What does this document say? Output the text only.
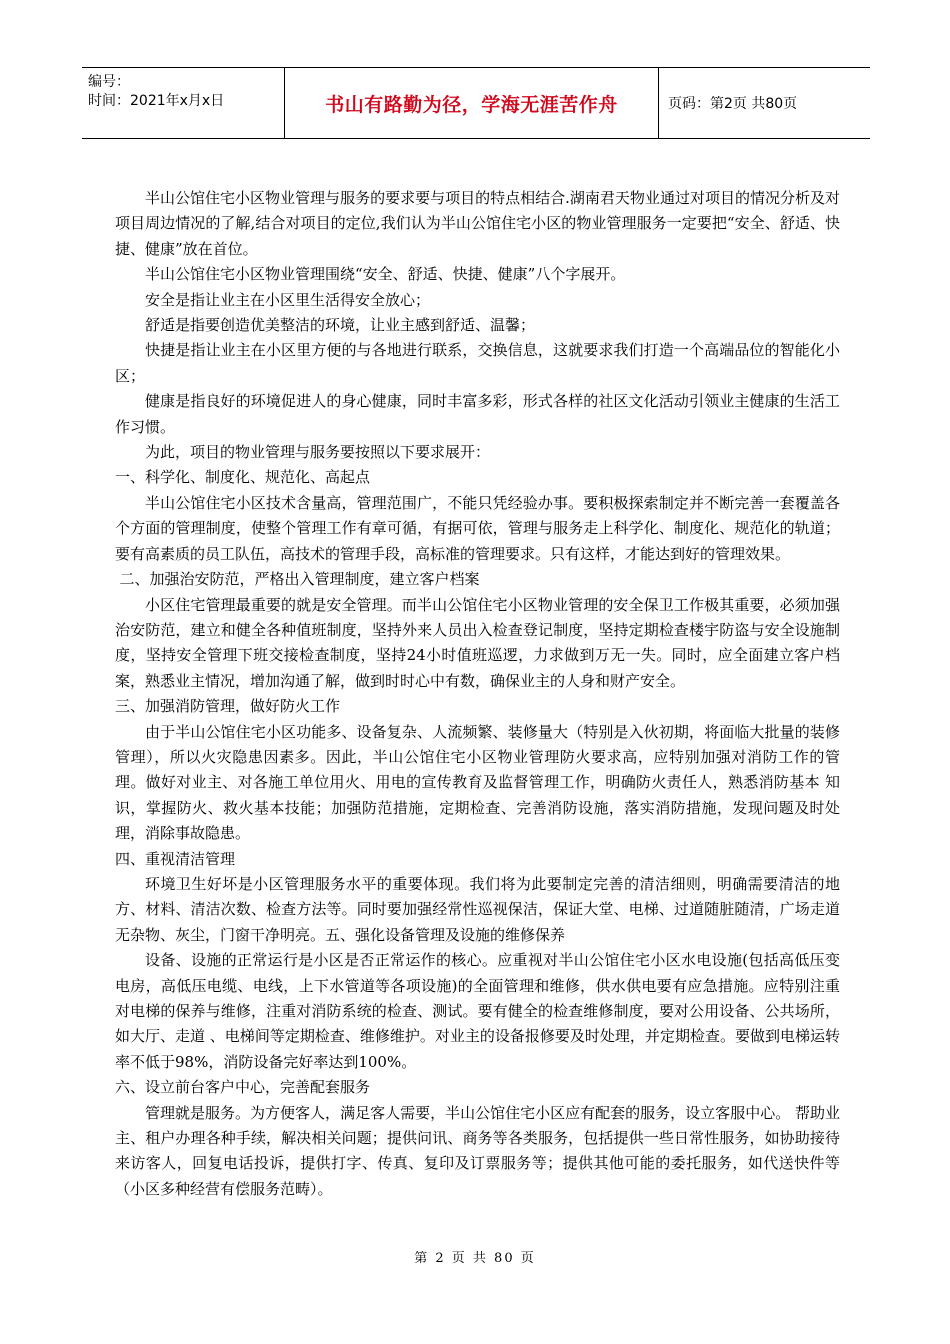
编号：
时间：2021年x月x日	书山有路勤为径，学海无涯苦作舟	页码：第2页 共80页

半山公馆住宅小区物业管理与服务的要求要与项目的特点相结合.湖南君天物业通过对项目的情况分析及对项目周边情况的了解,结合对项目的定位,我们认为半山公馆住宅小区的物业管理服务一定要把“安全、舒适、快捷、健康”放在首位。

半山公馆住宅小区物业管理围绕“安全、舒适、快捷、健康”八个字展开。

安全是指让业主在小区里生活得安全放心；

舒适是指要创造优美整洁的环境，让业主感到舒适、温馨；

快捷是指让业主在小区里方便的与各地进行联系，交换信息，这就要求我们打造一个高端品位的智能化小区；

健康是指良好的环境促进人的身心健康，同时丰富多彩，形式各样的社区文化活动引领业主健康的生活工作习惯。

为此，项目的物业管理与服务要按照以下要求展开：

一、科学化、制度化、规范化、高起点

半山公馆住宅小区技术含量高，管理范围广，不能只凭经验办事。要积极探索制定并不断完善一套覆盖各个方面的管理制度，使整个管理工作有章可循，有据可依，管理与服务走上科学化、制度化、规范化的轨道；要有高素质的员工队伍，高技术的管理手段，高标准的管理要求。只有这样，才能达到好的管理效果。

二、加强治安防范，严格出入管理制度，建立客户档案

小区住宅管理最重要的就是安全管理。而半山公馆住宅小区物业管理的安全保卫工作极其重要，必须加强治安防范，建立和健全各种值班制度，坚持外来人员出入检查登记制度，坚持定期检查楼宇防盗与安全设施制度，坚持安全管理下班交接检查制度，坚持24小时值班巡逻，力求做到万无一失。同时，应全面建立客户档案，熟悉业主情况，增加沟通了解，做到时时心中有数，确保业主的人身和财产安全。

三、加强消防管理，做好防火工作

由于半山公馆住宅小区功能多、设备复杂、人流频繁、装修量大（特别是入伙初期，将面临大批量的装修管理），所以火灾隐患因素多。因此，半山公馆住宅小区物业管理防火要求高，应特别加强对消防工作的管理。做好对业主、对各施工单位用火、用电的宣传教育及监督管理工作，明确防火责任人，熟悉消防基本 知识，掌握防火、救火基本技能；加强防范措施，定期检查、完善消防设施，落实消防措施，发现问题及时处理，消除事故隐患。

四、重视清洁管理

环境卫生好坏是小区管理服务水平的重要体现。我们将为此要制定完善的清洁细则，明确需要清洁的地方、材料、清洁次数、检查方法等。同时要加强经常性巡视保洁，保证大堂、电梯、过道随脏随清，广场走道无杂物、灰尘，门窗干净明亮。五、强化设备管理及设施的维修保养

设备、设施的正常运行是小区是否正常运作的核心。应重视对半山公馆住宅小区水电设施(包括高低压变电房，高低压电缆、电线，上下水管道等各项设施)的全面管理和维修，供水供电要有应急措施。应特别注重对电梯的保养与维修，注重对消防系统的检查、测试。要有健全的检查维修制度，要对公用设备、公共场所，如大厅、走道 、电梯间等定期检查、维修维护。对业主的设备报修要及时处理，并定期检查。要做到电梯运转率不低于98%，消防设备完好率达到100%。

六、设立前台客户中心，完善配套服务

管理就是服务。为方便客人，满足客人需要，半山公馆住宅小区应有配套的服务，设立客服中心。 帮助业主、租户办理各种手续，解决相关问题；提供问讯、商务等各类服务，包括提供一些日常性服务，如协助接待来访客人，回复电话投诉，提供打字、传真、复印及订票服务等；提供其他可能的委托服务，如代送快件等（小区多种经营有偿服务范畴）。

第 2 页 共 80 页
